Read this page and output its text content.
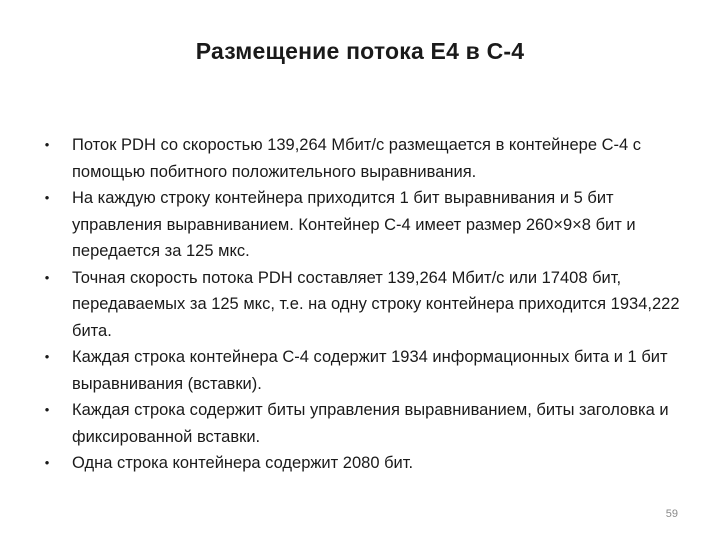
Размещение потока E4 в C-4
• Поток PDH со скоростью 139,264 Мбит/с размещается в контейнере C-4 с помощью побитного положительного выравнивания.
• На каждую строку контейнера приходится 1 бит выравнивания и 5 бит управления выравниванием. Контейнер C-4 имеет размер 260×9×8 бит и передается за 125 мкс.
• Точная скорость потока PDH составляет 139,264 Мбит/с или 17408 бит, передаваемых за 125 мкс, т.е. на одну строку контейнера приходится 1934,222 бита.
• Каждая строка контейнера C-4 содержит 1934 информационных бита и 1 бит выравнивания (вставки).
• Каждая строка содержит биты управления выравниванием, биты заголовка и фиксированной вставки.
• Одна строка контейнера содержит 2080 бит.
59
